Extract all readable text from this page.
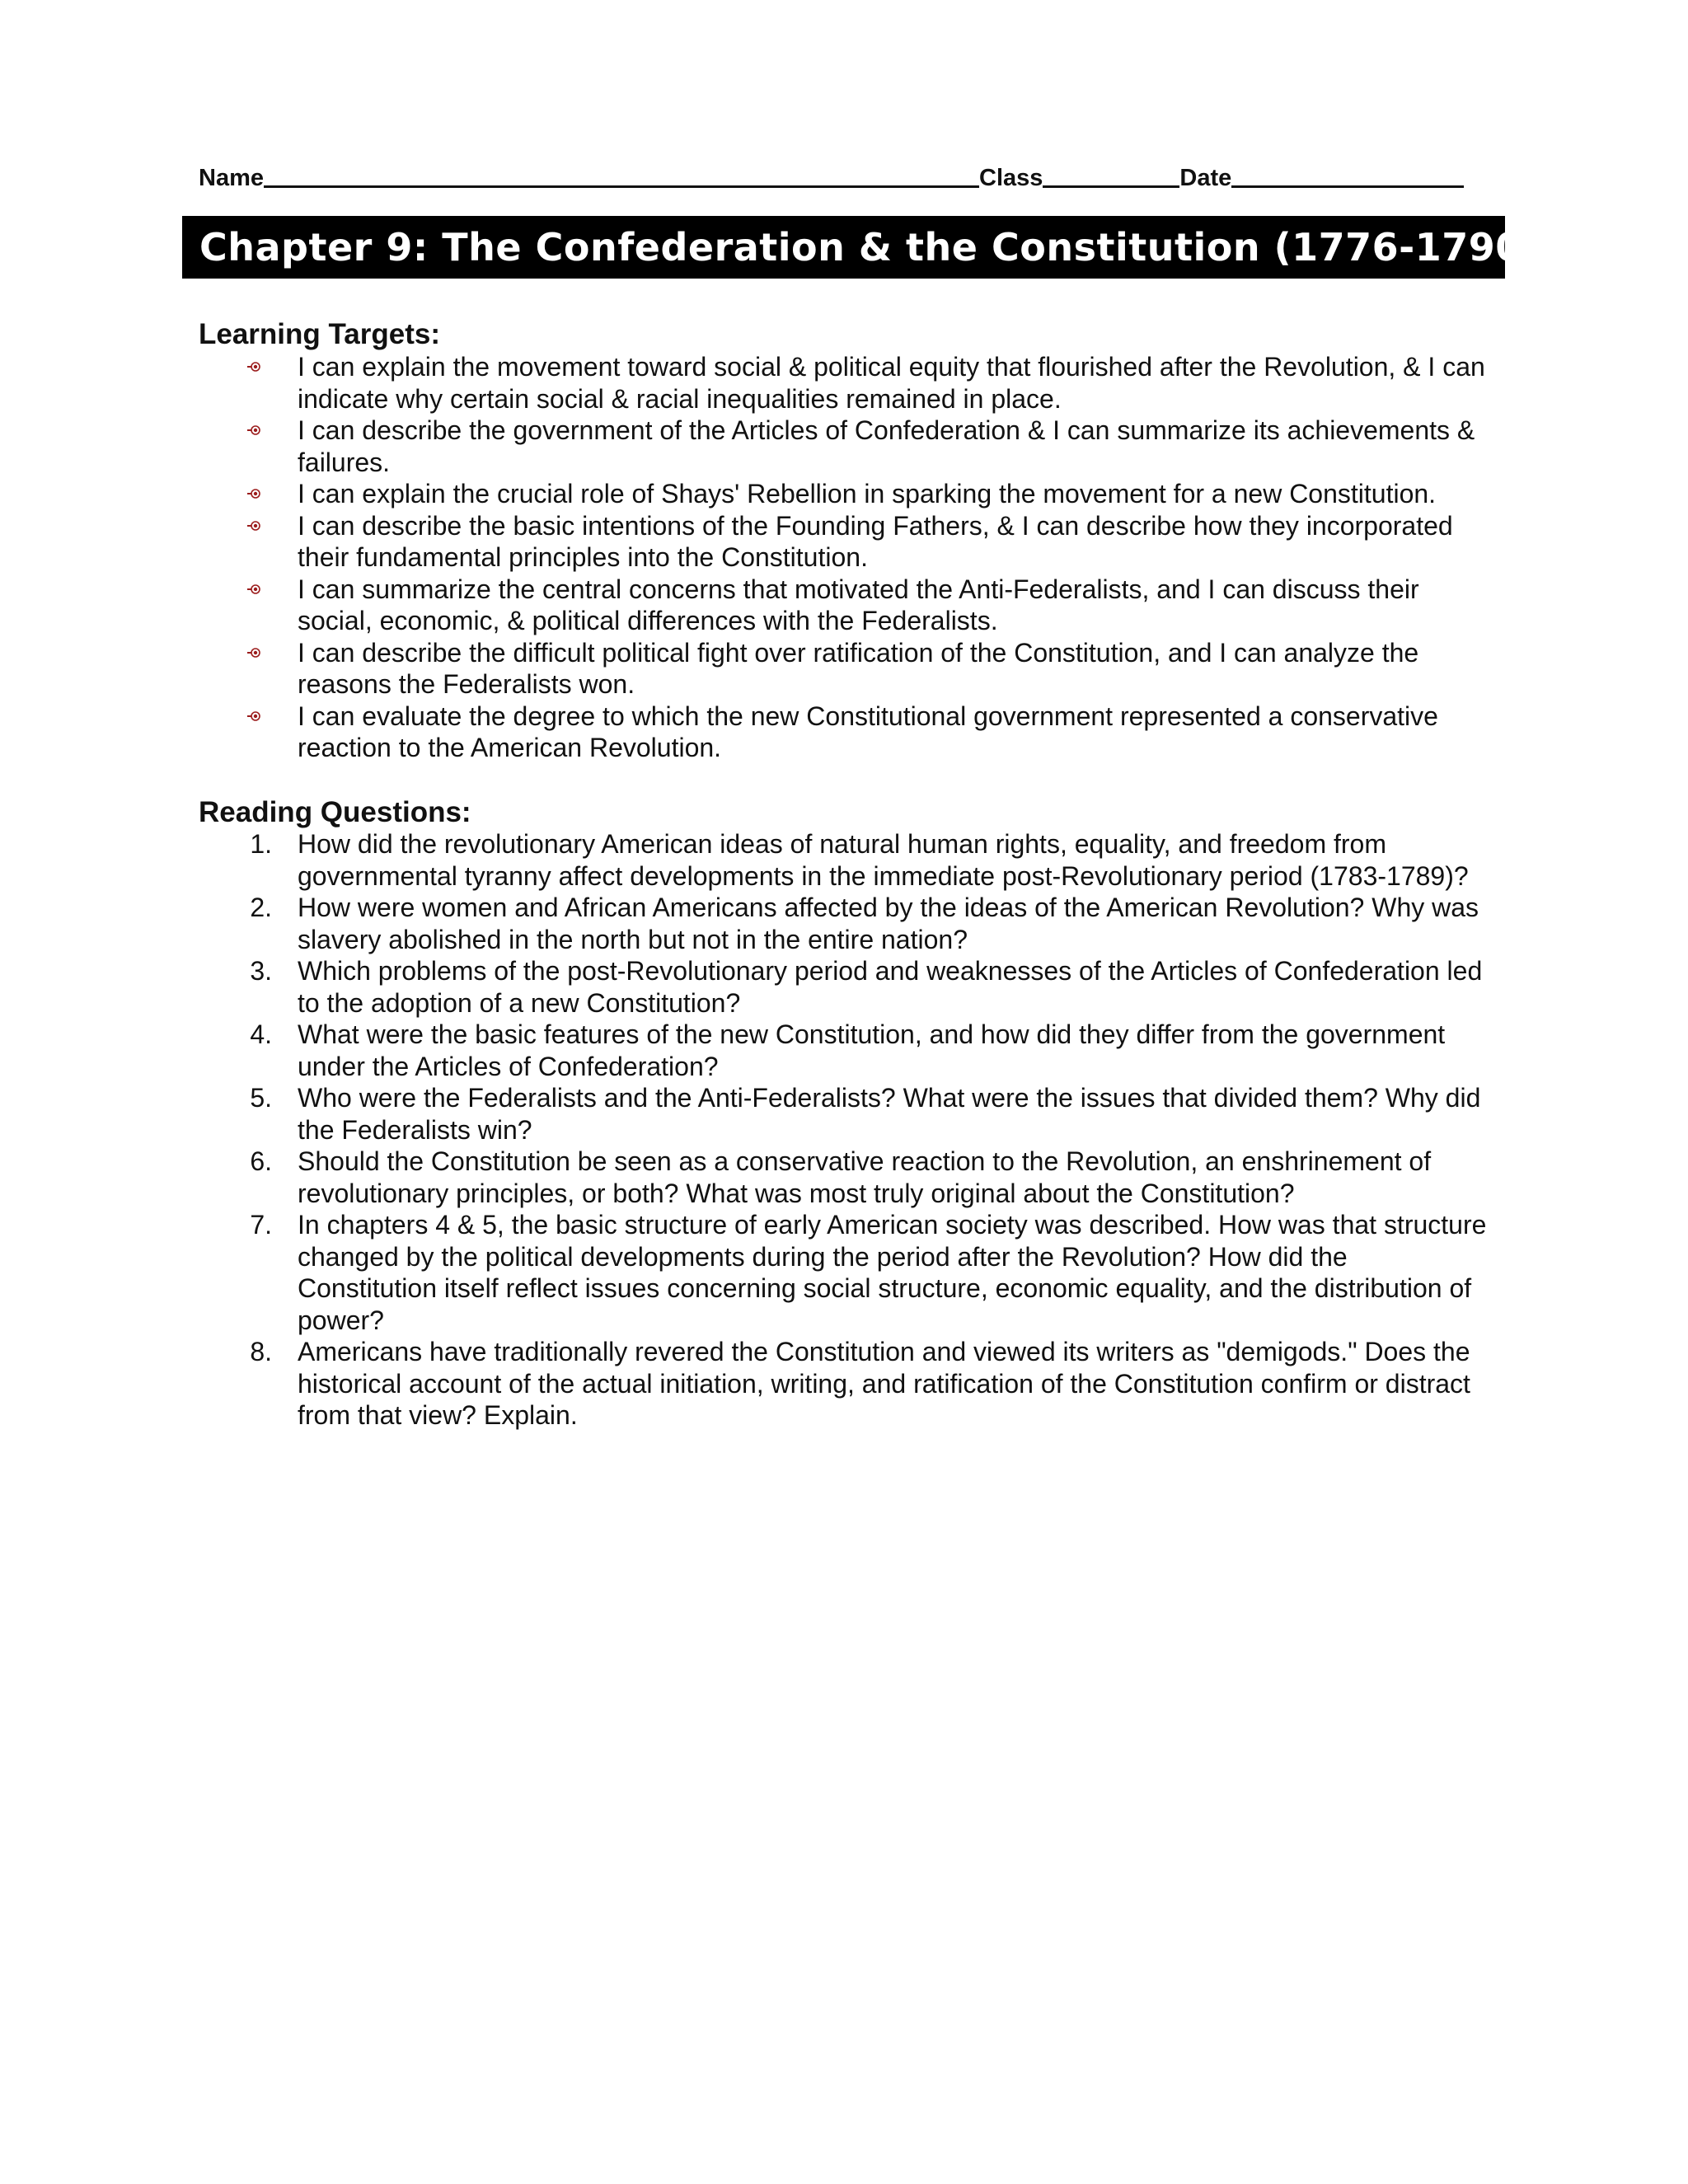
Name	Class	Date
Chapter 9: The Confederation & the Constitution (1776-1790)
Learning Targets:
I can explain the movement toward social & political equity that flourished after the Revolution, & I can indicate why certain social & racial inequalities remained in place.
I can describe the government of the Articles of Confederation & I can summarize its achievements & failures.
I can explain the crucial role of Shays' Rebellion in sparking the movement for a new Constitution.
I can describe the basic intentions of the Founding Fathers, & I can describe how they incorporated their fundamental principles into the Constitution.
I can summarize the central concerns that motivated the Anti-Federalists, and I can discuss their social, economic, & political differences with the Federalists.
I can describe the difficult political fight over ratification of the Constitution, and I can analyze the reasons the Federalists won.
I can evaluate the degree to which the new Constitutional government represented a conservative reaction to the American Revolution.
Reading Questions:
1. How did the revolutionary American ideas of natural human rights, equality, and freedom from governmental tyranny affect developments in the immediate post-Revolutionary period (1783-1789)?
2. How were women and African Americans affected by the ideas of the American Revolution? Why was slavery abolished in the north but not in the entire nation?
3. Which problems of the post-Revolutionary period and weaknesses of the Articles of Confederation led to the adoption of a new Constitution?
4. What were the basic features of the new Constitution, and how did they differ from the government under the Articles of Confederation?
5. Who were the Federalists and the Anti-Federalists? What were the issues that divided them? Why did the Federalists win?
6. Should the Constitution be seen as a conservative reaction to the Revolution, an enshrinement of revolutionary principles, or both? What was most truly original about the Constitution?
7. In chapters 4 & 5, the basic structure of early American society was described. How was that structure changed by the political developments during the period after the Revolution? How did the Constitution itself reflect issues concerning social structure, economic equality, and the distribution of power?
8. Americans have traditionally revered the Constitution and viewed its writers as "demigods." Does the historical account of the actual initiation, writing, and ratification of the Constitution confirm or distract from that view? Explain.
